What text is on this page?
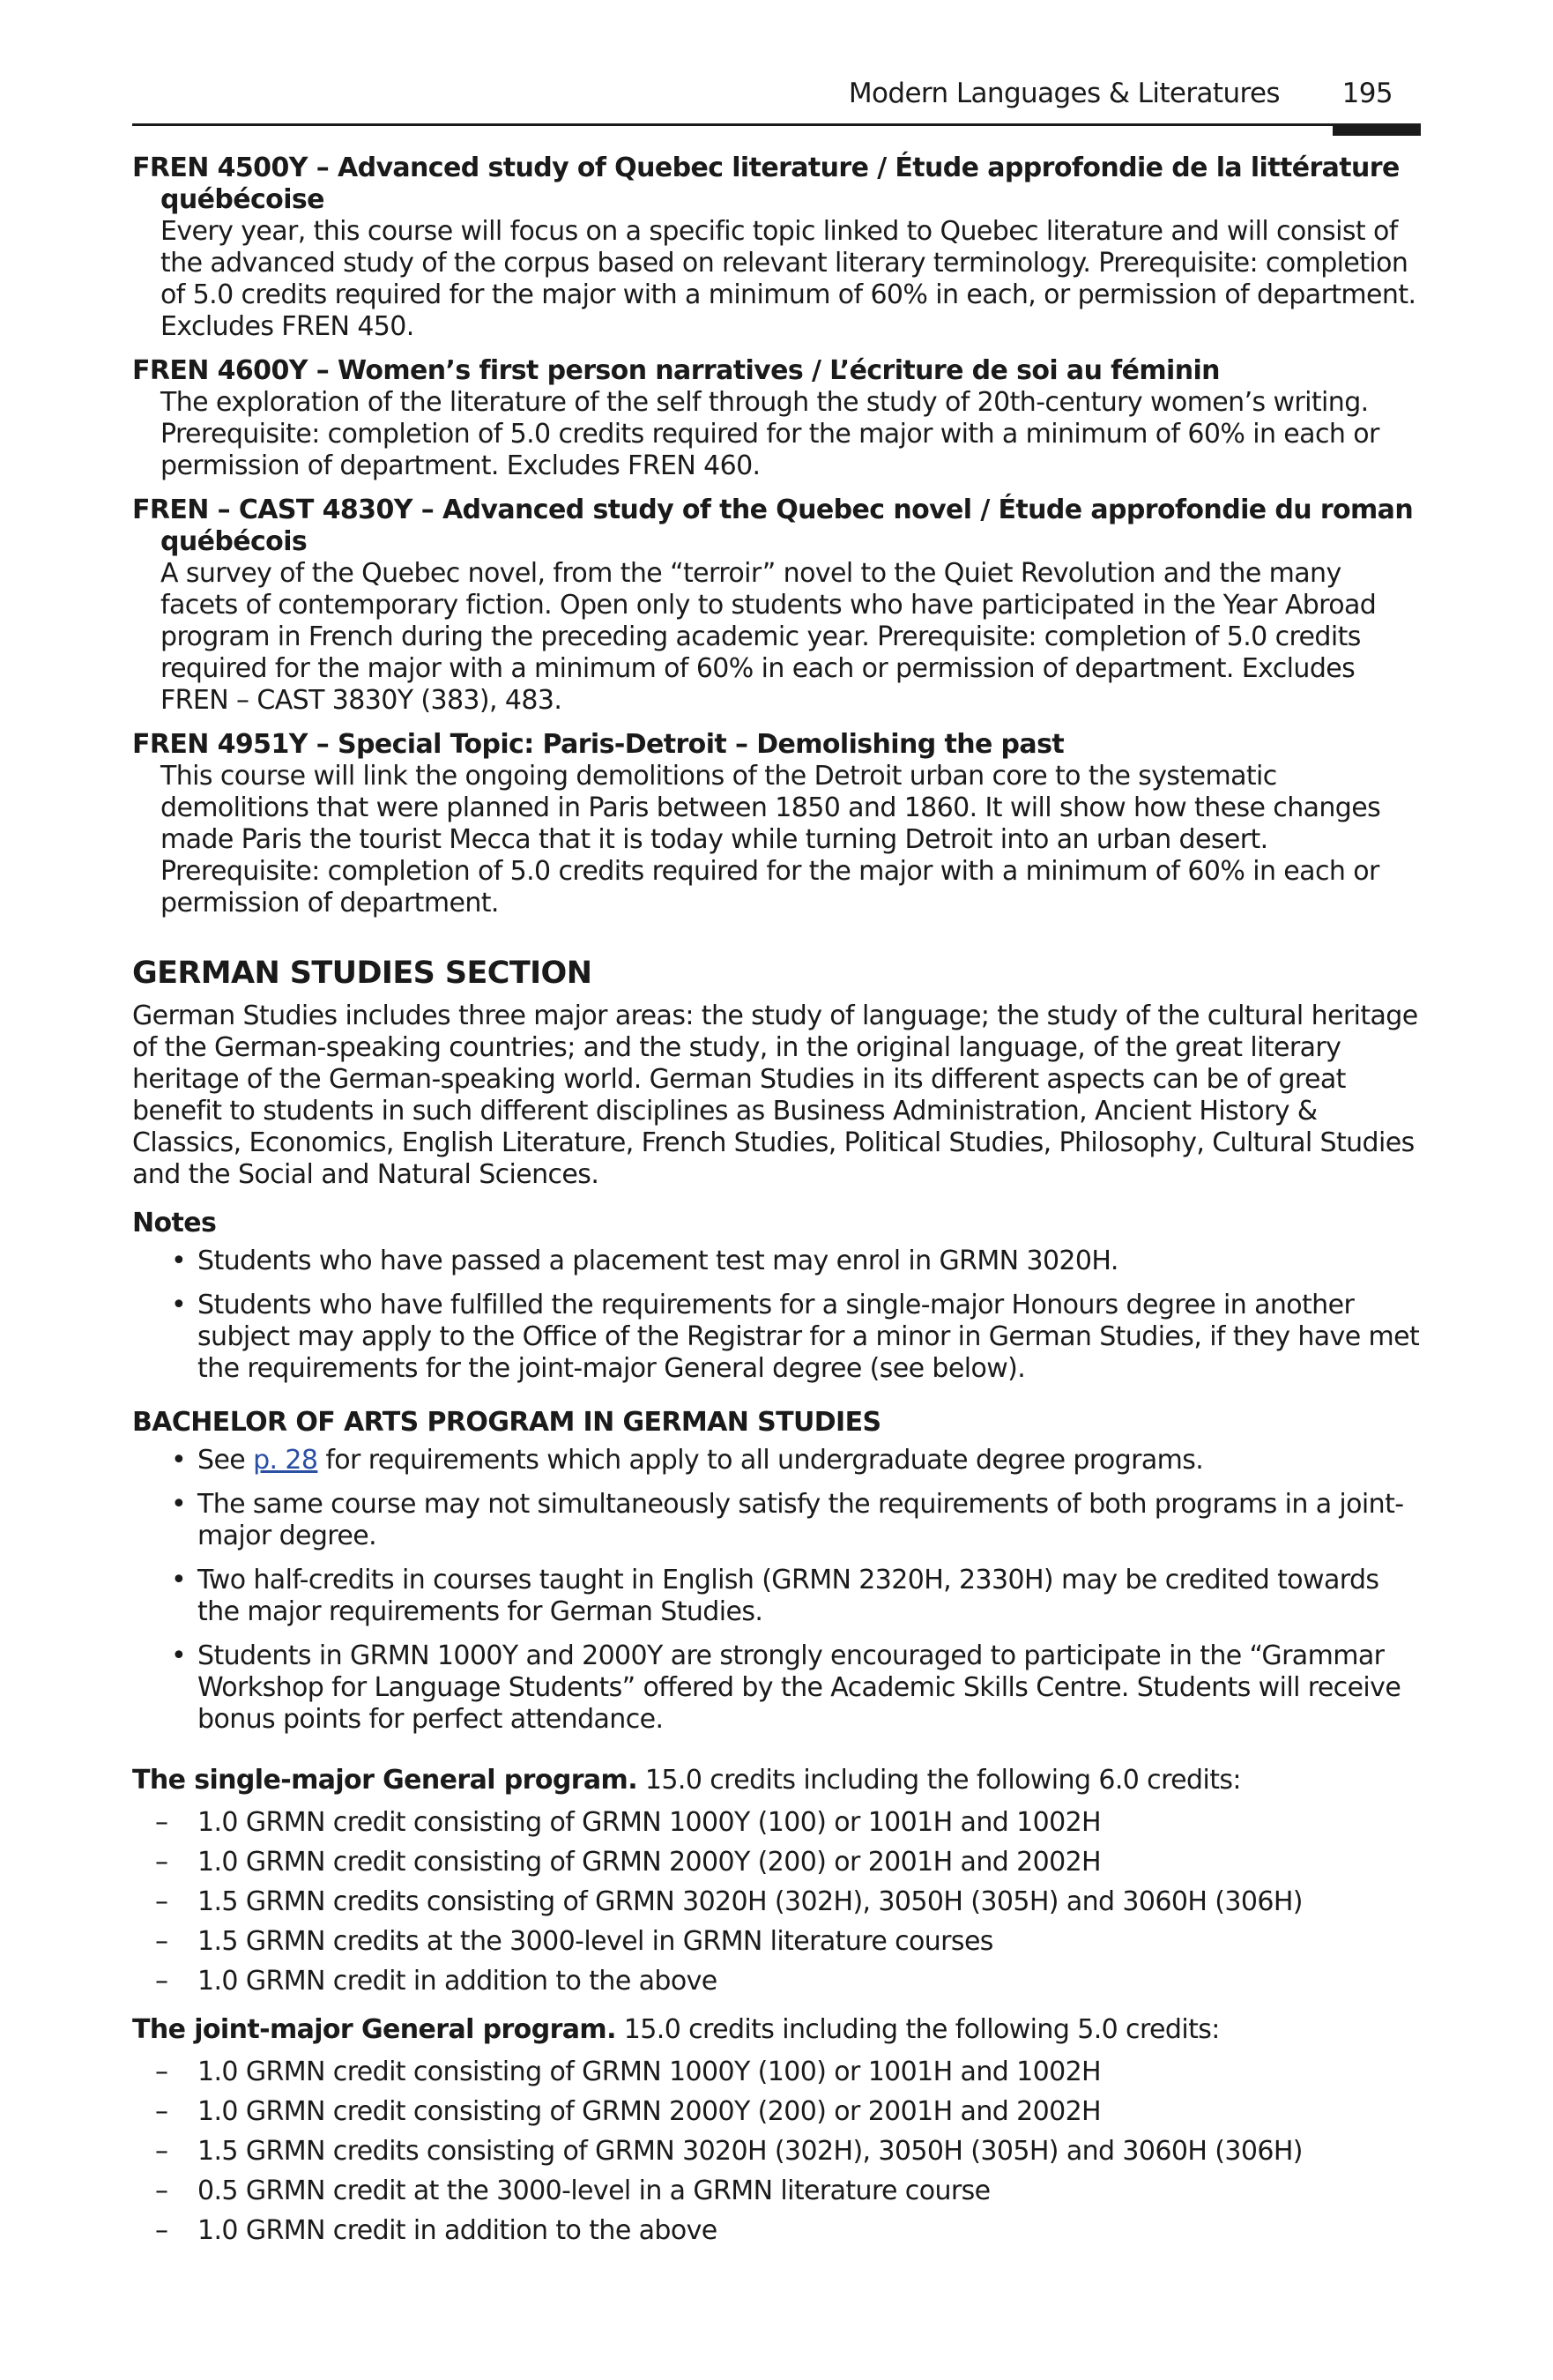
Modern Languages & Literatures 195
FREN 4500Y – Advanced study of Quebec literature / Étude approfondie de la littérature québécoise
Every year, this course will focus on a specific topic linked to Quebec literature and will consist of the advanced study of the corpus based on relevant literary terminology. Prerequisite: completion of 5.0 credits required for the major with a minimum of 60% in each, or permission of department. Excludes FREN 450.
FREN 4600Y – Women’s first person narratives / L’écriture de soi au féminin
The exploration of the literature of the self through the study of 20th-century women’s writing. Prerequisite: completion of 5.0 credits required for the major with a minimum of 60% in each or permission of department. Excludes FREN 460.
FREN – CAST 4830Y – Advanced study of the Quebec novel / Étude approfondie du roman québécois
A survey of the Quebec novel, from the “terroir” novel to the Quiet Revolution and the many facets of contemporary fiction. Open only to students who have participated in the Year Abroad program in French during the preceding academic year. Prerequisite: completion of 5.0 credits required for the major with a minimum of 60% in each or permission of department. Excludes FREN – CAST 3830Y (383), 483.
FREN 4951Y – Special Topic: Paris-Detroit – Demolishing the past
This course will link the ongoing demolitions of the Detroit urban core to the systematic demolitions that were planned in Paris between 1850 and 1860. It will show how these changes made Paris the tourist Mecca that it is today while turning Detroit into an urban desert. Prerequisite: completion of 5.0 credits required for the major with a minimum of 60% in each or permission of department.
GERMAN STUDIES SECTION
German Studies includes three major areas: the study of language; the study of the cultural heritage of the German-speaking countries; and the study, in the original language, of the great literary heritage of the German-speaking world. German Studies in its different aspects can be of great benefit to students in such different disciplines as Business Administration, Ancient History & Classics, Economics, English Literature, French Studies, Political Studies, Philosophy, Cultural Studies and the Social and Natural Sciences.
Notes
• Students who have passed a placement test may enrol in GRMN 3020H.
• Students who have fulfilled the requirements for a single-major Honours degree in another subject may apply to the Office of the Registrar for a minor in German Studies, if they have met the requirements for the joint-major General degree (see below).
BACHELOR OF ARTS PROGRAM IN GERMAN STUDIES
• See p. 28 for requirements which apply to all undergraduate degree programs.
• The same course may not simultaneously satisfy the requirements of both programs in a joint-major degree.
• Two half-credits in courses taught in English (GRMN 2320H, 2330H) may be credited towards the major requirements for German Studies.
• Students in GRMN 1000Y and 2000Y are strongly encouraged to participate in the “Grammar Workshop for Language Students” offered by the Academic Skills Centre. Students will receive bonus points for perfect attendance.
The single-major General program. 15.0 credits including the following 6.0 credits:
– 1.0 GRMN credit consisting of GRMN 1000Y (100) or 1001H and 1002H
– 1.0 GRMN credit consisting of GRMN 2000Y (200) or 2001H and 2002H
– 1.5 GRMN credits consisting of GRMN 3020H (302H), 3050H (305H) and 3060H (306H)
– 1.5 GRMN credits at the 3000-level in GRMN literature courses
– 1.0 GRMN credit in addition to the above
The joint-major General program. 15.0 credits including the following 5.0 credits:
– 1.0 GRMN credit consisting of GRMN 1000Y (100) or 1001H and 1002H
– 1.0 GRMN credit consisting of GRMN 2000Y (200) or 2001H and 2002H
– 1.5 GRMN credits consisting of GRMN 3020H (302H), 3050H (305H) and 3060H (306H)
– 0.5 GRMN credit at the 3000-level in a GRMN literature course
– 1.0 GRMN credit in addition to the above
